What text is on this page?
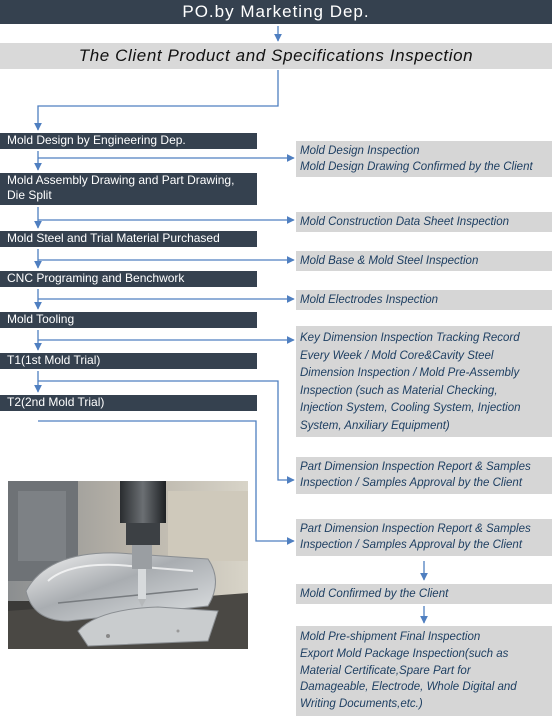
PO.by Marketing Dep.
The Client Product and Specifications Inspection
Mold Design by Engineering Dep.
Mold Assembly Drawing and Part Drawing,
Die Split
Mold Steel and Trial Material Purchased
CNC Programing and Benchwork
Mold Tooling
T1(1st Mold Trial)
T2(2nd Mold Trial)
Mold Design Inspection
Mold Design Drawing Confirmed by the Client
Mold Construction Data Sheet Inspection
Mold Base & Mold Steel Inspection
Mold Electrodes Inspection
Key Dimension Inspection Tracking Record
Every Week / Mold Core&Cavity Steel
Dimension Inspection / Mold Pre-Assembly
Inspection (such as Material Checking,
Injection System, Cooling System, Injection
System, Anxiliary Equipment)
Part Dimension Inspection Report & Samples
Inspection / Samples Approval by the Client
Part Dimension Inspection Report & Samples
Inspection / Samples Approval by the Client
Mold Confirmed by the Client
Mold Pre-shipment Final Inspection
Export Mold Package Inspection(such as
Material Certificate,Spare Part for
Damageable, Electrode, Whole Digital and
Writing Documents,etc.)
